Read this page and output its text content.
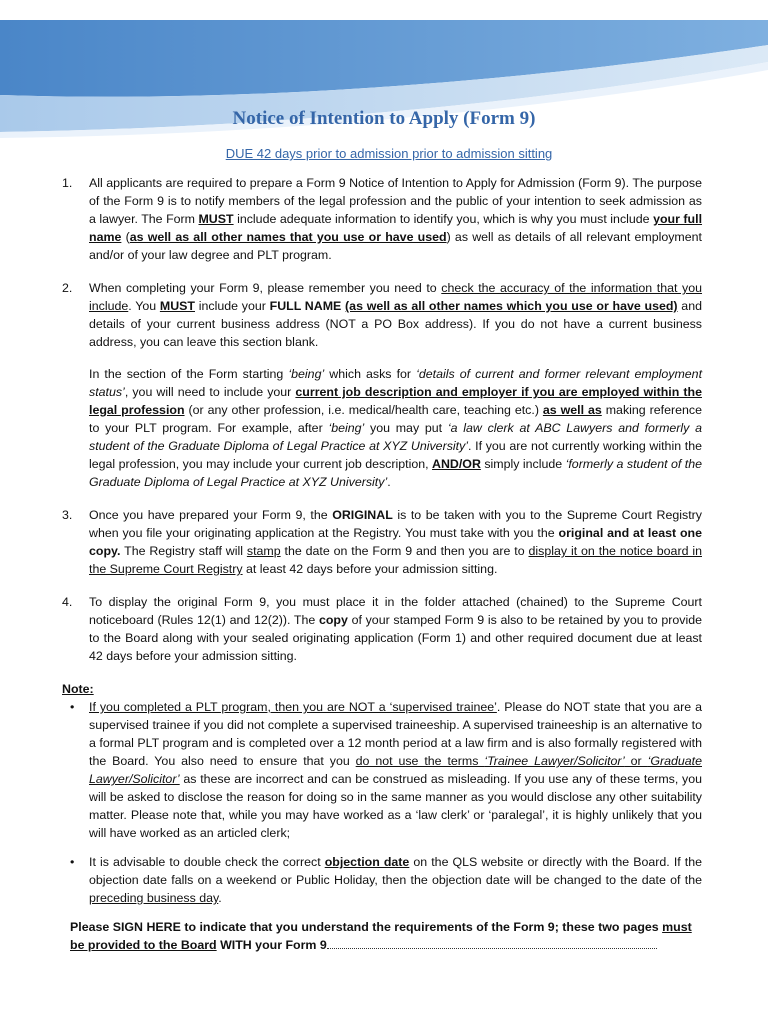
Notice of Intention to Apply (Form 9)

DUE 42 days prior to admission prior to admission sitting

1. All applicants are required to prepare a Form 9 Notice of Intention to Apply for Admission (Form 9). The purpose of the Form 9 is to notify members of the legal profession and the public of your intention to seek admission as a lawyer. The Form MUST include adequate information to identify you, which is why you must include your full name (as well as all other names that you use or have used) as well as details of all relevant employment and/or of your law degree and PLT program.

2. When completing your Form 9, please remember you need to check the accuracy of the information that you include. You MUST include your FULL NAME (as well as all other names which you use or have used) and details of your current business address (NOT a PO Box address). If you do not have a current business address, you can leave this section blank.

In the section of the Form starting ‘being’ which asks for ‘details of current and former relevant employment status’, you will need to include your current job description and employer if you are employed within the legal profession (or any other profession, i.e. medical/health care, teaching etc.) as well as making reference to your PLT program. For example, after ‘being’ you may put ‘a law clerk at ABC Lawyers and formerly a student of the Graduate Diploma of Legal Practice at XYZ University’. If you are not currently working within the legal profession, you may include your current job description, AND/OR simply include ‘formerly a student of the Graduate Diploma of Legal Practice at XYZ University’.

3. Once you have prepared your Form 9, the ORIGINAL is to be taken with you to the Supreme Court Registry when you file your originating application at the Registry. You must take with you the original and at least one copy. The Registry staff will stamp the date on the Form 9 and then you are to display it on the notice board in the Supreme Court Registry at least 42 days before your admission sitting.

4. To display the original Form 9, you must place it in the folder attached (chained) to the Supreme Court noticeboard (Rules 12(1) and 12(2)). The copy of your stamped Form 9 is also to be retained by you to provide to the Board along with your sealed originating application (Form 1) and other required document due at least 42 days before your admission sitting.

Note:

• If you completed a PLT program, then you are NOT a ‘supervised trainee’. Please do NOT state that you are a supervised trainee if you did not complete a supervised traineeship. A supervised traineeship is an alternative to a formal PLT program and is completed over a 12 month period at a law firm and is also formally registered with the Board. You also need to ensure that you do not use the terms ‘Trainee Lawyer/Solicitor’ or ‘Graduate Lawyer/Solicitor’ as these are incorrect and can be construed as misleading. If you use any of these terms, you will be asked to disclose the reason for doing so in the same manner as you would disclose any other suitability matter. Please note that, while you may have worked as a ‘law clerk’ or ‘paralegal’, it is highly unlikely that you will have worked as an articled clerk;
• It is advisable to double check the correct objection date on the QLS website or directly with the Board. If the objection date falls on a weekend or Public Holiday, then the objection date will be changed to the date of the preceding business day.

Please SIGN HERE to indicate that you understand the requirements of the Form 9; these two pages must be provided to the Board WITH your Form 9
